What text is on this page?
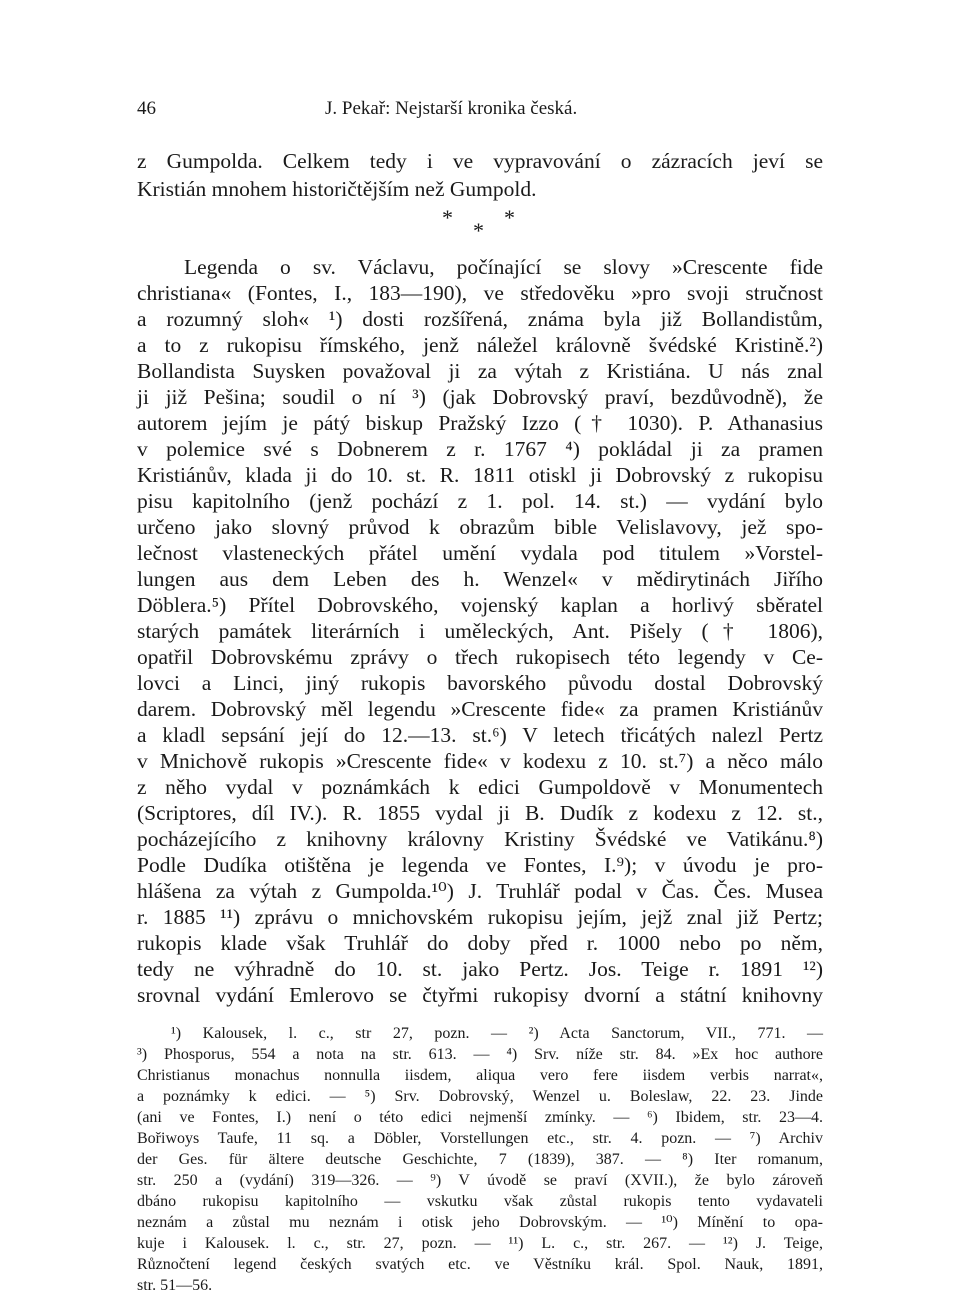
46	J. Pekař: Nejstarší kronika česká.
z Gumpolda. Celkem tedy i ve vypravování o zázracích jeví se
Kristián mnohem historičtějším než Gumpold.
* *
*
Legenda o sv. Václavu, počínající se slovy »Crescente fide
christiana« (Fontes, I., 183—190), ve středověku »pro svoji stručnost
a rozumný sloh« ¹) dosti rozšířená, známa byla již Bollandistům,
a to z rukopisu římského, jenž náležel královně švédské Kristině.²)
Bollandista Suysken považoval ji za výtah z Kristiána. U nás znal
ji již Pešina; soudil o ní ³) (jak Dobrovský praví, bezdůvodně), že
autorem jejím je pátý biskup Pražský Izzo († 1030). P. Athanasius
v polemice své s Dobnerem z r. 1767 ⁴) pokládal ji za pramen
Kristiánův, klada ji do 10. st. R. 1811 otiskl ji Dobrovský z rukopisu
pisu kapitolního (jenž pochází z 1. pol. 14. st.) — vydání bylo
určeno jako slovný průvod k obrazům bible Velislavovy, jež spo-
lečnost vlasteneckých přátel umění vydala pod titulem »Vorstel-
lungen aus dem Leben des h. Wenzel« v mědirytinách Jiřího
Döblera.⁵) Přítel Dobrovského, vojenský kaplan a horlivý sběratel
starých památek literárních i uměleckých, Ant. Pišely († 1806),
opatřil Dobrovskému zprávy o třech rukopisech této legendy v Ce-
lovci a Linci, jiný rukopis bavorského původu dostal Dobrovský
darem. Dobrovský měl legendu »Crescente fide« za pramen Kristiánův
a kladl sepsání její do 12.—13. st.⁶) V letech třicátých nalezl Pertz
v Mnichově rukopis »Crescente fide« v kodexu z 10. st.⁷) a něco málo
z něho vydal v poznámkách k edici Gumpoldově v Monumentech
(Scriptores, díl IV.). R. 1855 vydal ji B. Dudík z kodexu z 12. st.,
pocházejícího z knihovny královny Kristiny Švédské ve Vatikánu.⁸)
Podle Dudíka otištěna je legenda ve Fontes, I.⁹); v úvodu je pro-
hlášena za výtah z Gumpolda.¹⁰) J. Truhlář podal v Čas. Čes. Musea
r. 1885 ¹¹) zprávu o mnichovském rukopisu jejím, jejž znal již Pertz;
rukopis klade však Truhlář do doby před r. 1000 nebo po něm,
tedy ne výhradně do 10. st. jako Pertz. Jos. Teige r. 1891 ¹²)
srovnal vydání Emlerovo se čtyřmi rukopisy dvorní a státní knihovny
¹) Kalousek, l. c., str 27, pozn. — ²) Acta Sanctorum, VII., 771. —
³) Phosporus, 554 a nota na str. 613. — ⁴) Srv. níže str. 84. »Ex hoc authore
Christianus monachus nonnulla iisdem, aliqua vero fere iisdem verbis narrat«,
a poznámky k edici. — ⁵) Srv. Dobrovský, Wenzel u. Boleslaw, 22. 23. Jinde
(ani ve Fontes, I.) není o této edici nejmenší zmínky. — ⁶) Ibidem, str. 23—4.
Bořiwoys Taufe, 11 sq. a Döbler, Vorstellungen etc., str. 4. pozn. — ⁷) Archiv
der Ges. für ältere deutsche Geschichte, 7 (1839), 387. — ⁸) Iter romanum,
str. 250 a (vydání) 319—326. — ⁹) V úvodě se praví (XVII.), že bylo zároveň
dbáno rukopisu kapitolního — vskutku však zůstal rukopis tento vydavateli
neznám a zůstal mu neznám i otisk jeho Dobrovským. — ¹⁰) Mínění to opa-
kuje i Kalousek. l. c., str. 27, pozn. — ¹¹) L. c., str. 267. — ¹²) J. Teige,
Různočtení legend českých svatých etc. ve Věstníku král. Spol. Nauk, 1891,
str. 51—56.
